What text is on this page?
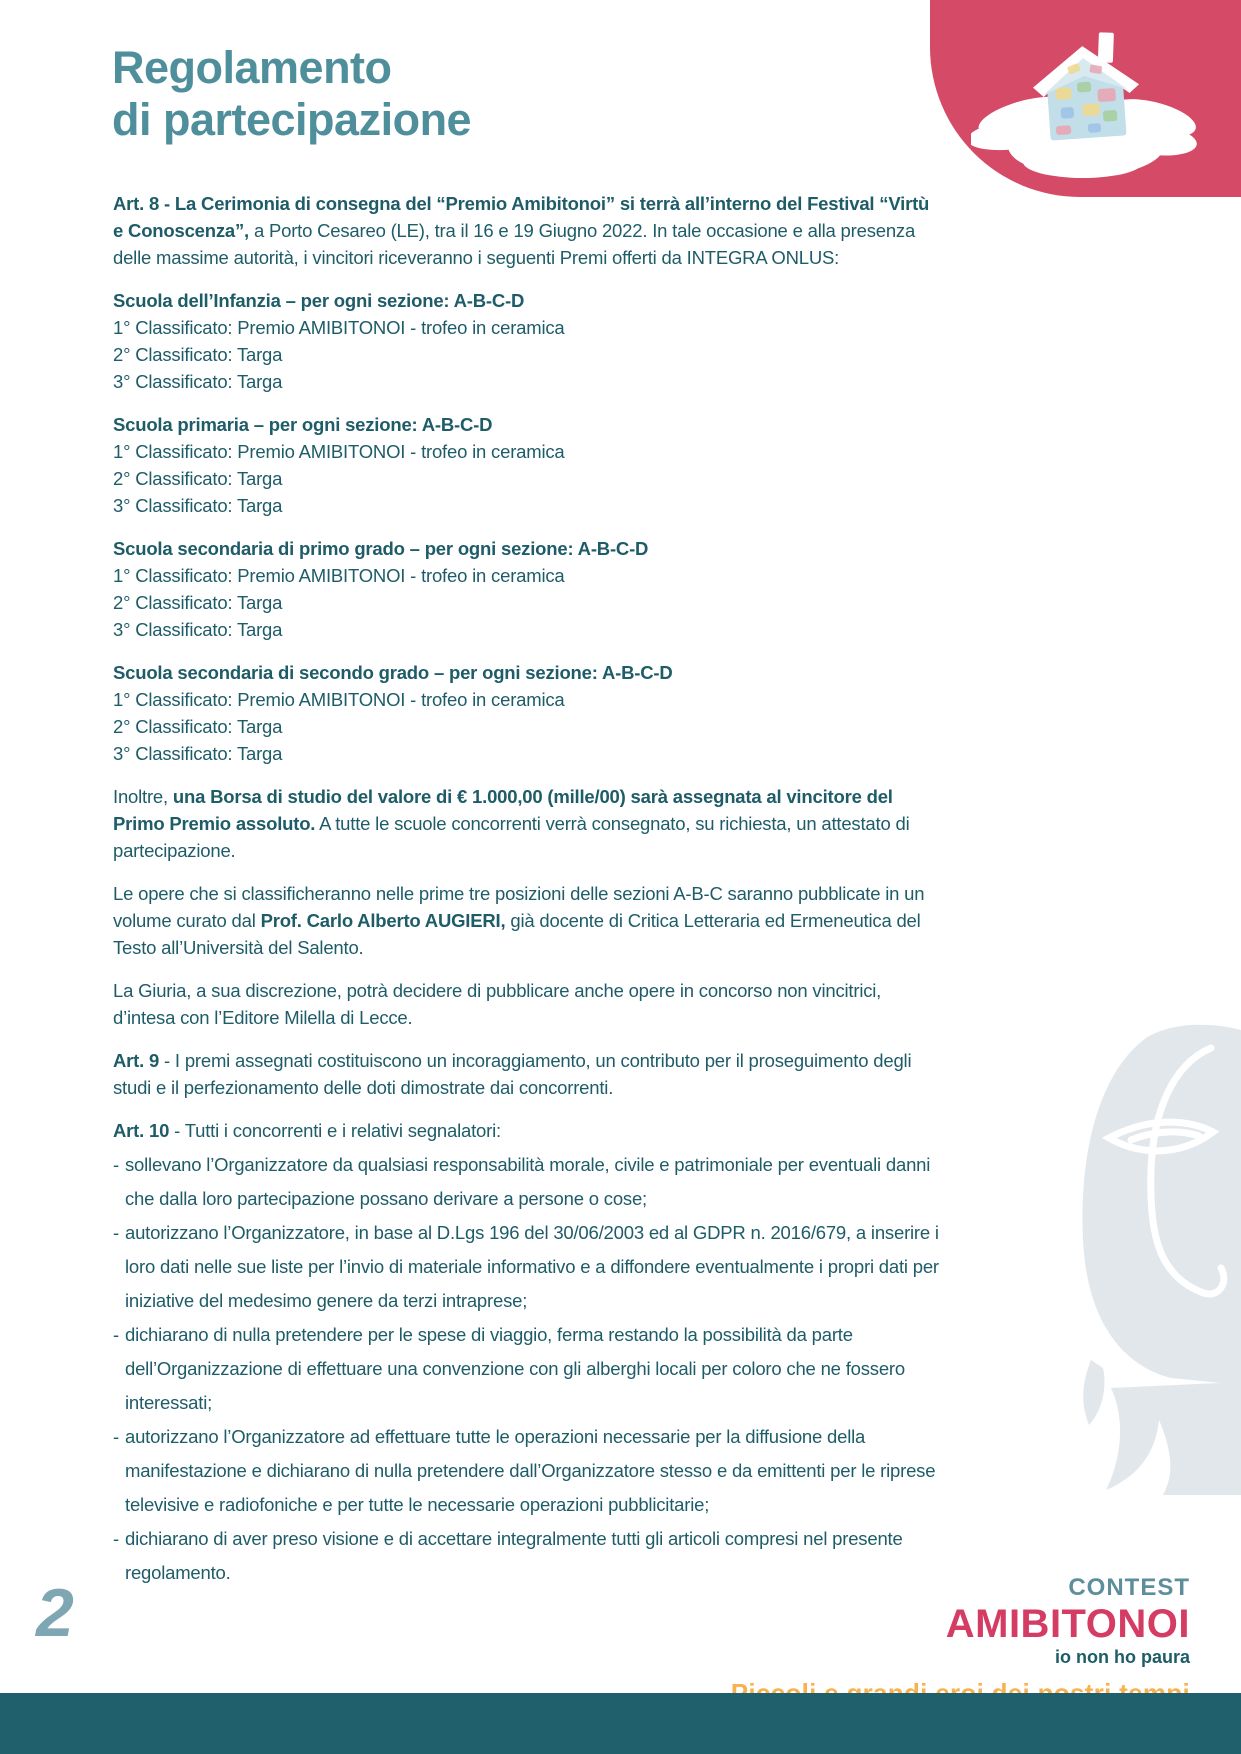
Regolamento
di partecipazione

Art. 8 - La Cerimonia di consegna del “Premio Amibitonoi” si terrà all’interno del Festival “Virtù e Conoscenza”, a Porto Cesareo (LE), tra il 16 e 19 Giugno 2022. In tale occasione e alla presenza delle massime autorità, i vincitori riceveranno i seguenti Premi offerti da INTEGRA ONLUS:

Scuola dell’Infanzia – per ogni sezione: A-B-C-D
1° Classificato: Premio AMIBITONOI - trofeo in ceramica
2° Classificato: Targa
3° Classificato: Targa
Scuola primaria – per ogni sezione: A-B-C-D
1° Classificato: Premio AMIBITONOI - trofeo in ceramica
2° Classificato: Targa
3° Classificato: Targa
Scuola secondaria di primo grado – per ogni sezione: A-B-C-D
1° Classificato: Premio AMIBITONOI - trofeo in ceramica
2° Classificato: Targa
3° Classificato: Targa
Scuola secondaria di secondo grado – per ogni sezione: A-B-C-D
1° Classificato: Premio AMIBITONOI - trofeo in ceramica
2° Classificato: Targa
3° Classificato: Targa

Inoltre, una Borsa di studio del valore di € 1.000,00 (mille/00) sarà assegnata al vincitore del Primo Premio assoluto. A tutte le scuole concorrenti verrà consegnato, su richiesta, un attestato di partecipazione.

Le opere che si classificheranno nelle prime tre posizioni delle sezioni A-B-C saranno pubblicate in un volume curato dal Prof. Carlo Alberto AUGIERI, già docente di Critica Letteraria ed Ermeneutica del Testo all’Università del Salento.

La Giuria, a sua discrezione, potrà decidere di pubblicare anche opere in concorso non vincitrici, d’intesa con l’Editore Milella di Lecce.

Art. 9 - I premi assegnati costituiscono un incoraggiamento, un contributo per il proseguimento degli studi e il perfezionamento delle doti dimostrate dai concorrenti.

Art. 10 - Tutti i concorrenti e i relativi segnalatori:

- sollevano l’Organizzatore da qualsiasi responsabilità morale, civile e patrimoniale per eventuali danni che dalla loro partecipazione possano derivare a persone o cose;
- autorizzano l’Organizzatore, in base al D.Lgs 196 del 30/06/2003 ed al GDPR n. 2016/679, a inserire i loro dati nelle sue liste per l’invio di materiale informativo e a diffondere eventualmente i propri dati per iniziative del medesimo genere da terzi intraprese;
- dichiarano di nulla pretendere per le spese di viaggio, ferma restando la possibilità da parte dell’Organizzazione di effettuare una convenzione con gli alberghi locali per coloro che ne fossero interessati;
- autorizzano l’Organizzatore ad effettuare tutte le operazioni necessarie per la diffusione della manifestazione e dichiarano di nulla pretendere dall’Organizzatore stesso e da emittenti per le riprese televisive e radiofoniche e per tutte le necessarie operazioni pubblicitarie;
- dichiarano di aver preso visione e di accettare integralmente tutti gli articoli compresi nel presente regolamento.
2	CONTEST
AMIBITONOI
io non ho paura
